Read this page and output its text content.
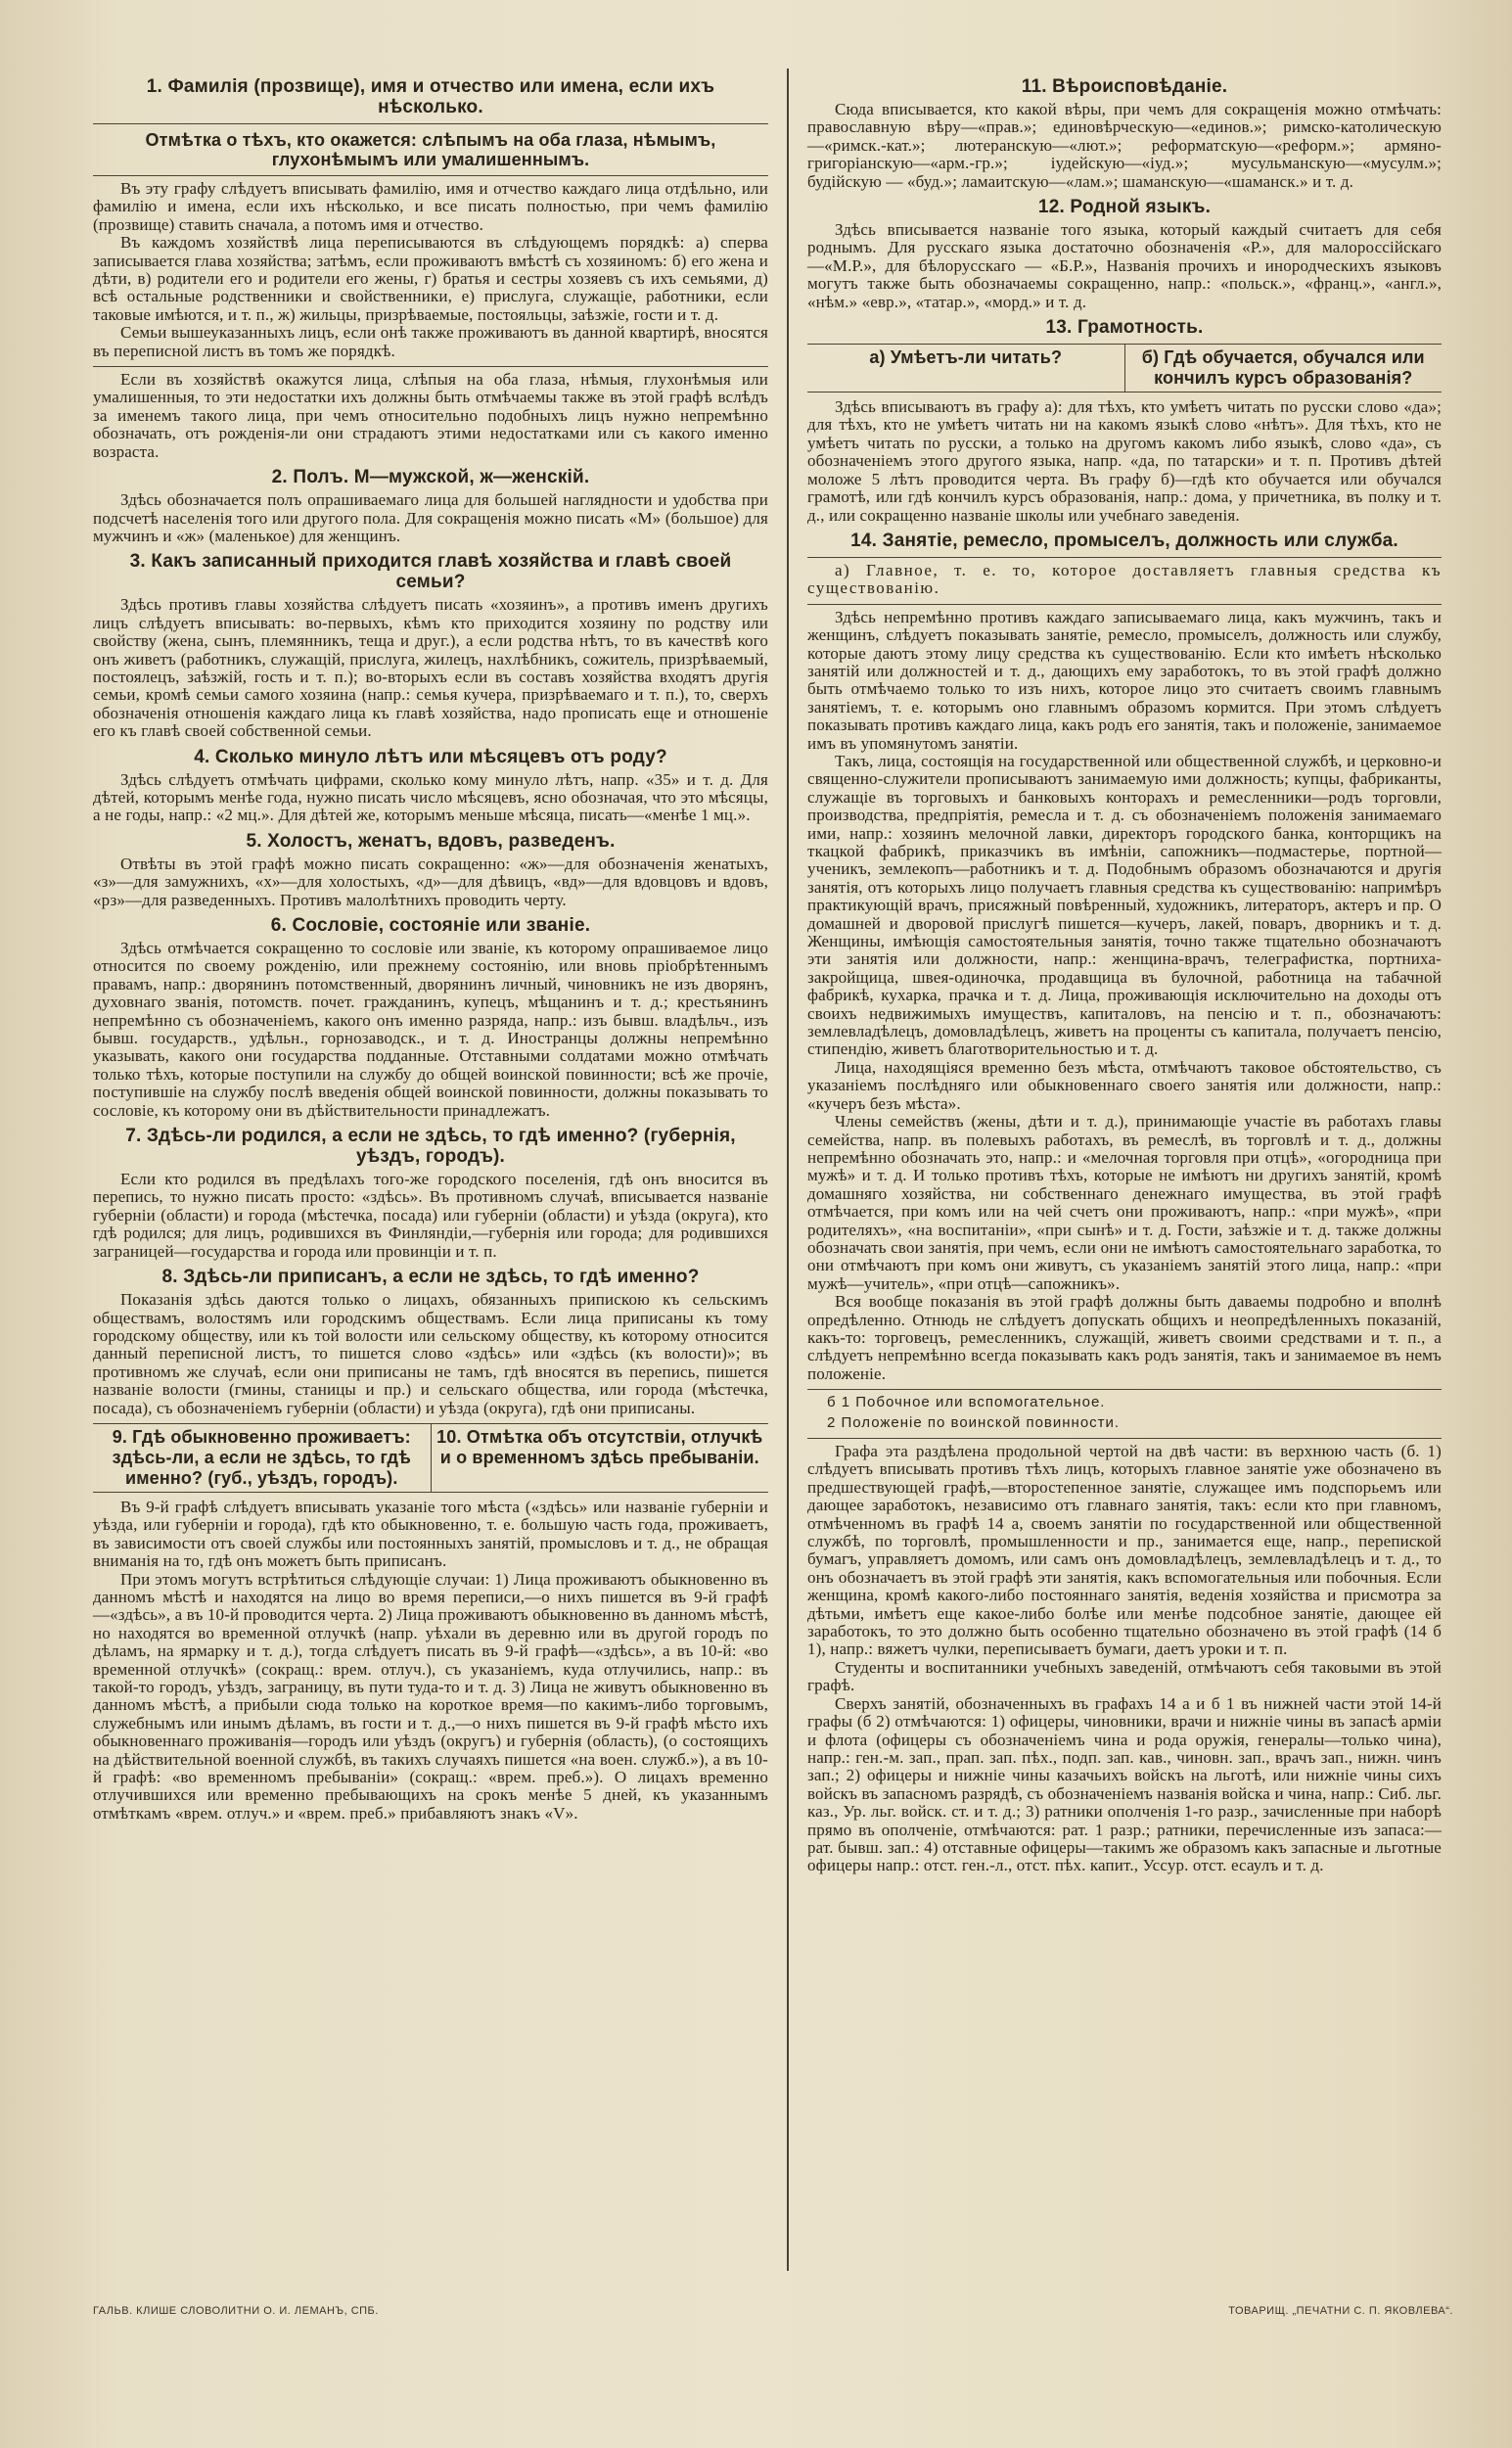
1. Фамилія (прозвище), имя и отчество или имена, если ихъ нѣсколько.
Отмѣтка о тѣхъ, кто окажется: слѣпымъ на оба глаза, нѣмымъ, глухонѣмымъ или умалишеннымъ.

Въ эту графу слѣдуетъ вписывать фамилію, имя и отчество каждаго лица отдѣльно, или фамилію и имена, если ихъ нѣсколько, и все писать полностью, при чемъ фамилію (прозвище) ставить сначала, а потомъ имя и отчество.

Въ каждомъ хозяйствѣ лица переписываются въ слѣдующемъ порядкѣ: а) сперва записывается глава хозяйства; затѣмъ, если проживаютъ вмѣстѣ съ хозяиномъ: б) его жена и дѣти, в) родители его и родители его жены, г) братья и сестры хозяевъ съ ихъ семьями, д) всѣ остальные родственники и свойственники, е) прислуга, служащіе, работники, если таковые имѣются, и т. п., ж) жильцы, призрѣваемые, постояльцы, заѣзжіе, гости и т. д.

Семьи вышеуказанныхъ лицъ, если онѣ также проживаютъ въ данной квартирѣ, вносятся въ переписной листъ въ томъ же порядкѣ.

Если въ хозяйствѣ окажутся лица, слѣпыя на оба глаза, нѣмыя, глухонѣмыя или умалишенныя, то эти недостатки ихъ должны быть отмѣчаемы также въ этой графѣ вслѣдъ за именемъ такого лица, при чемъ относительно подобныхъ лицъ нужно непремѣнно обозначать, отъ рожденія-ли они страдаютъ этими недостатками или съ какого именно возраста.

2. Полъ. М—мужской, ж—женскій.

Здѣсь обозначается полъ опрашиваемаго лица для большей наглядности и удобства при подсчетѣ населенія того или другого пола. Для сокращенія можно писать «М» (большое) для мужчинъ и «ж» (маленькое) для женщинъ.

3. Какъ записанный приходится главѣ хозяйства и главѣ своей семьи?

Здѣсь противъ главы хозяйства слѣдуетъ писать «хозяинъ», а противъ именъ другихъ лицъ слѣдуетъ вписывать: во-первыхъ, кѣмъ кто приходится хозяину по родству или свойству (жена, сынъ, племянникъ, теща и друг.), а если родства нѣтъ, то въ качествѣ кого онъ живетъ (работникъ, служащій, прислуга, жилецъ, нахлѣбникъ, сожитель, призрѣваемый, постоялецъ, заѣзжій, гость и т. п.); во-вторыхъ если въ составъ хозяйства входятъ другія семьи, кромѣ семьи самого хозяина (напр.: семья кучера, призрѣваемаго и т. п.), то, сверхъ обозначенія отношенія каждаго лица къ главѣ хозяйства, надо прописать еще и отношеніе его къ главѣ своей собственной семьи.

4. Сколько минуло лѣтъ или мѣсяцевъ отъ роду?

Здѣсь слѣдуетъ отмѣчать цифрами, сколько кому минуло лѣтъ, напр. «35» и т. д. Для дѣтей, которымъ менѣе года, нужно писать число мѣсяцевъ, ясно обозначая, что это мѣсяцы, а не годы, напр.: «2 мц.». Для дѣтей же, которымъ меньше мѣсяца, писать—«менѣе 1 мц.».

5. Холостъ, женатъ, вдовъ, разведенъ.

Отвѣты въ этой графѣ можно писать сокращенно: «ж»—для обозначенія женатыхъ, «з»—для замужнихъ, «х»—для холостыхъ, «д»—для дѣвицъ, «вд»—для вдовцовъ и вдовъ, «рз»—для разведенныхъ. Противъ малолѣтнихъ проводить черту.

6. Сословіе, состояніе или званіе.

Здѣсь отмѣчается сокращенно то сословіе или званіе, къ которому опрашиваемое лицо относится по своему рожденію, или прежнему состоянію, или вновь пріобрѣтеннымъ правамъ, напр.: дворянинъ потомственный, дворянинъ личный, чиновникъ не изъ дворянъ, духовнаго званія, потомств. почет. гражданинъ, купецъ, мѣщанинъ и т. д.; крестьянинъ непремѣнно съ обозначеніемъ, какого онъ именно разряда, напр.: изъ бывш. владѣльч., изъ бывш. государств., удѣльн., горнозаводск., и т. д. Иностранцы должны непремѣнно указывать, какого они государства подданные. Отставными солдатами можно отмѣчать только тѣхъ, которые поступили на службу до общей воинской повинности; всѣ же прочіе, поступившіе на службу послѣ введенія общей воинской повинности, должны показывать то сословіе, къ которому они въ дѣйствительности принадлежатъ.

7. Здѣсь-ли родился, а если не здѣсь, то гдѣ именно? (губернія, уѣздъ, городъ).

Если кто родился въ предѣлахъ того-же городского поселенія, гдѣ онъ вносится въ перепись, то нужно писать просто: «здѣсь». Въ противномъ случаѣ, вписывается названіе губерніи (области) и города (мѣстечка, посада) или губерніи (области) и уѣзда (округа), кто гдѣ родился; для лицъ, родившихся въ Финляндіи,—губернія или города; для родившихся заграницей—государства и города или провинціи и т. п.

8. Здѣсь-ли приписанъ, а если не здѣсь, то гдѣ именно?

Показанія здѣсь даются только о лицахъ, обязанныхъ припискою къ сельскимъ обществамъ, волостямъ или городскимъ обществамъ. Если лица приписаны къ тому городскому обществу, или къ той волости или сельскому обществу, къ которому относится данный переписной листъ, то пишется слово «здѣсь» или «здѣсь (къ волости)»; въ противномъ же случаѣ, если они приписаны не тамъ, гдѣ вносятся въ перепись, пишется названіе волости (гмины, станицы и пр.) и сельскаго общества, или города (мѣстечка, посада), съ обозначеніемъ губерніи (области) и уѣзда (округа), гдѣ они приписаны.

9. Гдѣ обыкновенно проживаетъ: здѣсь-ли, а если не здѣсь, то гдѣ именно? (губ., уѣздъ, городъ).
10. Отмѣтка объ отсутствіи, отлучкѣ и о временномъ здѣсь пребываніи.

Въ 9-й графѣ слѣдуетъ вписывать указаніе того мѣста («здѣсь» или названіе губерніи и уѣзда, или губерніи и города), гдѣ кто обыкновенно, т. е. большую часть года, проживаетъ, въ зависимости отъ своей службы или постоянныхъ занятій, промысловъ и т. д., не обращая вниманія на то, гдѣ онъ можетъ быть приписанъ.

При этомъ могутъ встрѣтиться слѣдующіе случаи: 1) Лица проживаютъ обыкновенно въ данномъ мѣстѣ и находятся на лицо во время переписи,—о нихъ пишется въ 9-й графѣ—«здѣсь», а въ 10-й проводится черта. 2) Лица проживаютъ обыкновенно въ данномъ мѣстѣ, но находятся во временной отлучкѣ (напр. уѣхали въ деревню или въ другой городъ по дѣламъ, на ярмарку и т. д.), тогда слѣдуетъ писать въ 9-й графѣ—«здѣсь», а въ 10-й: «во временной отлучкѣ» (сокращ.: врем. отлуч.), съ указаніемъ, куда отлучились, напр.: въ такой-то городъ, уѣздъ, заграницу, въ пути туда-то и т. д. 3) Лица не живутъ обыкновенно въ данномъ мѣстѣ, а прибыли сюда только на короткое время—по какимъ-либо торговымъ, служебнымъ или инымъ дѣламъ, въ гости и т. д.,—о нихъ пишется въ 9-й графѣ мѣсто ихъ обыкновеннаго проживанія—городъ или уѣздъ (округъ) и губернія (область), (о состоящихъ на дѣйствительной военной службѣ, въ такихъ случаяхъ пишется «на воен. служб.»), а въ 10-й графѣ: «во временномъ пребываніи» (сокращ.: «врем. преб.»). О лицахъ временно отлучившихся или временно пребывающихъ на срокъ менѣе 5 дней, къ указаннымъ отмѣткамъ «врем. отлуч.» и «врем. преб.» прибавляютъ знакъ «V».

11. Вѣроисповѣданіе.

Сюда вписывается, кто какой вѣры, при чемъ для сокращенія можно отмѣчать: православную вѣру—«прав.»; единовѣрческую—«единов.»; римско-католическую—«римск.-кат.»; лютеранскую—«лют.»; реформатскую—«реформ.»; армяно-григоріанскую—«арм.-гр.»; іудейскую—«іуд.»; мусульманскую—«мусулм.»; будійскую — «буд.»; ламаитскую—«лам.»; шаманскую—«шаманск.» и т. д.

12. Родной языкъ.

Здѣсь вписывается названіе того языка, который каждый считаетъ для себя роднымъ. Для русскаго языка достаточно обозначенія «Р.», для малороссійскаго—«М.Р.», для бѣлорусскаго — «Б.Р.», Названія прочихъ и инородческихъ языковъ могутъ также быть обозначаемы сокращенно, напр.: «польск.», «франц.», «англ.», «нѣм.» «евр.», «татар.», «морд.» и т. д.

13. Грамотность.
а) Умѣетъ-ли читать?	б) Гдѣ обучается, обучался или кончилъ курсъ образованія?

Здѣсь вписываютъ въ графу а): для тѣхъ, кто умѣетъ читать по русски слово «да»; для тѣхъ, кто не умѣетъ читать ни на какомъ языкѣ слово «нѣтъ». Для тѣхъ, кто не умѣетъ читать по русски, а только на другомъ какомъ либо языкѣ, слово «да», съ обозначеніемъ этого другого языка, напр. «да, по татарски» и т. п. Противъ дѣтей моложе 5 лѣтъ проводится черта. Въ графу б)—гдѣ кто обучается или обучался грамотѣ, или гдѣ кончилъ курсъ образованія, напр.: дома, у причетника, въ полку и т. д., или сокращенно названіе школы или учебнаго заведенія.

14. Занятіе, ремесло, промыселъ, должность или служба.

а) Главное, т. е. то, которое доставляетъ главныя средства къ существованію.

Здѣсь непремѣнно противъ каждаго записываемаго лица, какъ мужчинъ, такъ и женщинъ, слѣдуетъ показывать занятіе, ремесло, промыселъ, должность или службу, которые даютъ этому лицу средства къ существованію. Если кто имѣетъ нѣсколько занятій или должностей и т. д., дающихъ ему заработокъ, то въ этой графѣ должно быть отмѣчаемо только то изъ нихъ, которое лицо это считаетъ своимъ главнымъ занятіемъ, т. е. которымъ оно главнымъ образомъ кормится. При этомъ слѣдуетъ показывать противъ каждаго лица, какъ родъ его занятія, такъ и положеніе, занимаемое имъ въ упомянутомъ занятіи.

Такъ, лица, состоящія на государственной или общественной службѣ, и церковно-и священно-служители прописываютъ занимаемую ими должность; купцы, фабриканты, служащіе въ торговыхъ и банковыхъ конторахъ и ремесленники—родъ торговли, производства, предпріятія, ремесла и т. д. съ обозначеніемъ положенія занимаемаго ими, напр.: хозяинъ мелочной лавки, директоръ городского банка, конторщикъ на ткацкой фабрикѣ, приказчикъ въ имѣніи, сапожникъ—подмастерье, портной—ученикъ, землекопъ—работникъ и т. д. Подобнымъ образомъ обозначаются и другія занятія, отъ которыхъ лицо получаетъ главныя средства къ существованію: напримѣръ практикующій врачъ, присяжный повѣренный, художникъ, литераторъ, актеръ и пр. О домашней и дворовой прислугѣ пишется—кучеръ, лакей, поваръ, дворникъ и т. д. Женщины, имѣющія самостоятельныя занятія, точно также тщательно обозначаютъ эти занятія или должности, напр.: женщина-врачъ, телеграфистка, портниха-закройщица, швея-одиночка, продавщица въ булочной, работница на табачной фабрикѣ, кухарка, прачка и т. д. Лица, проживающія исключительно на доходы отъ своихъ недвижимыхъ имуществъ, капиталовъ, на пенсію и т. п., обозначаютъ: землевладѣлецъ, домовладѣлецъ, живетъ на проценты съ капитала, получаетъ пенсію, стипендію, живетъ благотворительностью и т. д.

Лица, находящіяся временно безъ мѣста, отмѣчаютъ таковое обстоятельство, съ указаніемъ послѣдняго или обыкновеннаго своего занятія или должности, напр.: «кучеръ безъ мѣста».

Члены семействъ (жены, дѣти и т. д.), принимающіе участіе въ работахъ главы семейства, напр. въ полевыхъ работахъ, въ ремеслѣ, въ торговлѣ и т. д., должны непремѣнно обозначать это, напр.: и «мелочная торговля при отцѣ», «огородница при мужѣ» и т. д. И только противъ тѣхъ, которые не имѣютъ ни другихъ занятій, кромѣ домашняго хозяйства, ни собственнаго денежнаго имущества, въ этой графѣ отмѣчается, при комъ или на чей счетъ они проживаютъ, напр.: «при мужѣ», «при родителяхъ», «на воспитаніи», «при сынѣ» и т. д. Гости, заѣзжіе и т. д. также должны обозначать свои занятія, при чемъ, если они не имѣютъ самостоятельнаго заработка, то они отмѣчаютъ при комъ они живутъ, съ указаніемъ занятій этого лица, напр.: «при мужѣ—учитель», «при отцѣ—сапожникъ».

Вся вообще показанія въ этой графѣ должны быть даваемы подробно и вполнѣ опредѣленно. Отнюдь не слѣдуетъ допускать общихъ и неопредѣленныхъ показаній, какъ-то: торговецъ, ремесленникъ, служащій, живетъ своими средствами и т. п., а слѣдуетъ непремѣнно всегда показывать какъ родъ занятія, такъ и занимаемое въ немъ положеніе.

б 1 Побочное или вспомогательное.
2 Положеніе по воинской повинности.

Графа эта раздѣлена продольной чертой на двѣ части: въ верхнюю часть (б. 1) слѣдуетъ вписывать противъ тѣхъ лицъ, которыхъ главное занятіе уже обозначено въ предшествующей графѣ,—второстепенное занятіе, служащее имъ подспорьемъ или дающее заработокъ, независимо отъ главнаго занятія, такъ: если кто при главномъ, отмѣченномъ въ графѣ 14 а, своемъ занятіи по государственной или общественной службѣ, по торговлѣ, промышленности и пр., занимается еще, напр., перепиской бумагъ, управляетъ домомъ, или самъ онъ домовладѣлецъ, землевладѣлецъ и т. д., то онъ обозначаетъ въ этой графѣ эти занятія, какъ вспомогательныя или побочныя. Если женщина, кромѣ какого-либо постояннаго занятія, веденія хозяйства и присмотра за дѣтьми, имѣетъ еще какое-либо болѣе или менѣе подсобное занятіе, дающее ей заработокъ, то это должно быть особенно тщательно обозначено въ этой графѣ (14 б 1), напр.: вяжетъ чулки, переписываетъ бумаги, даетъ уроки и т. п.

Студенты и воспитанники учебныхъ заведеній, отмѣчаютъ себя таковыми въ этой графѣ.

Сверхъ занятій, обозначенныхъ въ графахъ 14 а и б 1 въ нижней части этой 14-й графы (б 2) отмѣчаются: 1) офицеры, чиновники, врачи и нижніе чины въ запасѣ арміи и флота (офицеры съ обозначеніемъ чина и рода оружія, генералы—только чина), напр.: ген.-м. зап., прап. зап. пѣх., подп. зап. кав., чиновн. зап., врачъ зап., нижн. чинъ зап.; 2) офицеры и нижніе чины казачьихъ войскъ на льготѣ, или нижніе чины сихъ войскъ въ запасномъ разрядѣ, съ обозначеніемъ названія войска и чина, напр.: Сиб. льг. каз., Ур. льг. войск. ст. и т. д.; 3) ратники ополченія 1-го разр., зачисленные при наборѣ прямо въ ополченіе, отмѣчаются: рат. 1 разр.; ратники, перечисленные изъ запаса:—рат. бывш. зап.: 4) отставные офицеры—такимъ же образомъ какъ запасные и льготные офицеры напр.: отст. ген.-л., отст. пѣх. капит., Уссур. отст. есаулъ и т. д.

ГАЛЬВ. КЛИШЕ СЛОВОЛИТНИ О. И. ЛЕМАНЪ, СПБ.	ТОВАРИЩ. „ПЕЧАТНИ С. П. ЯКОВЛЕВА“.
